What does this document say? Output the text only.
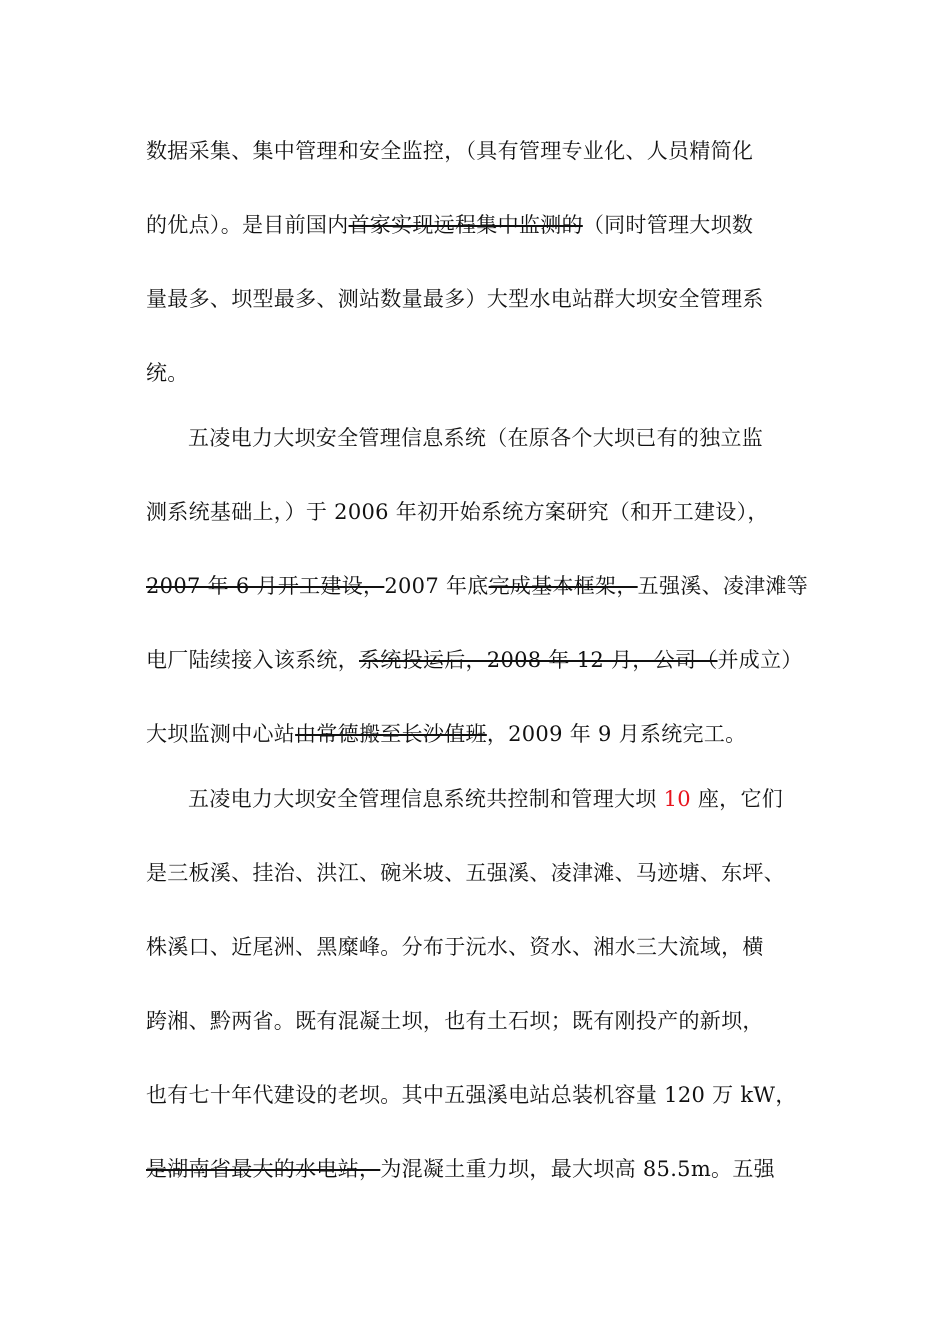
数据采集、集中管理和安全监控，（具有管理专业化、人员精简化
的优点）。是目前国内首家实现远程集中监测的（同时管理大坝数
量最多、坝型最多、测站数量最多）大型水电站群大坝安全管理系
统。
五凌电力大坝安全管理信息系统（在原各个大坝已有的独立监
测系统基础上，）于 2006 年初开始系统方案研究（和开工建设），
2007 年 6 月开工建设，2007 年底完成基本框架，五强溪、凌津滩等
电厂陆续接入该系统，系统投运后，2008 年 12 月，公司（并成立）
大坝监测中心站由常德搬至长沙值班，2009 年 9 月系统完工。
五凌电力大坝安全管理信息系统共控制和管理大坝 10 座，它们
是三板溪、挂治、洪江、碗米坡、五强溪、凌津滩、马迹塘、东坪、
株溪口、近尾洲、黑糜峰。分布于沅水、资水、湘水三大流域，横
跨湘、黔两省。既有混凝土坝，也有土石坝；既有刚投产的新坝，
也有七十年代建设的老坝。其中五强溪电站总装机容量 120 万 kW，
是湖南省最大的水电站，为混凝土重力坝，最大坝高 85.5m。五强
